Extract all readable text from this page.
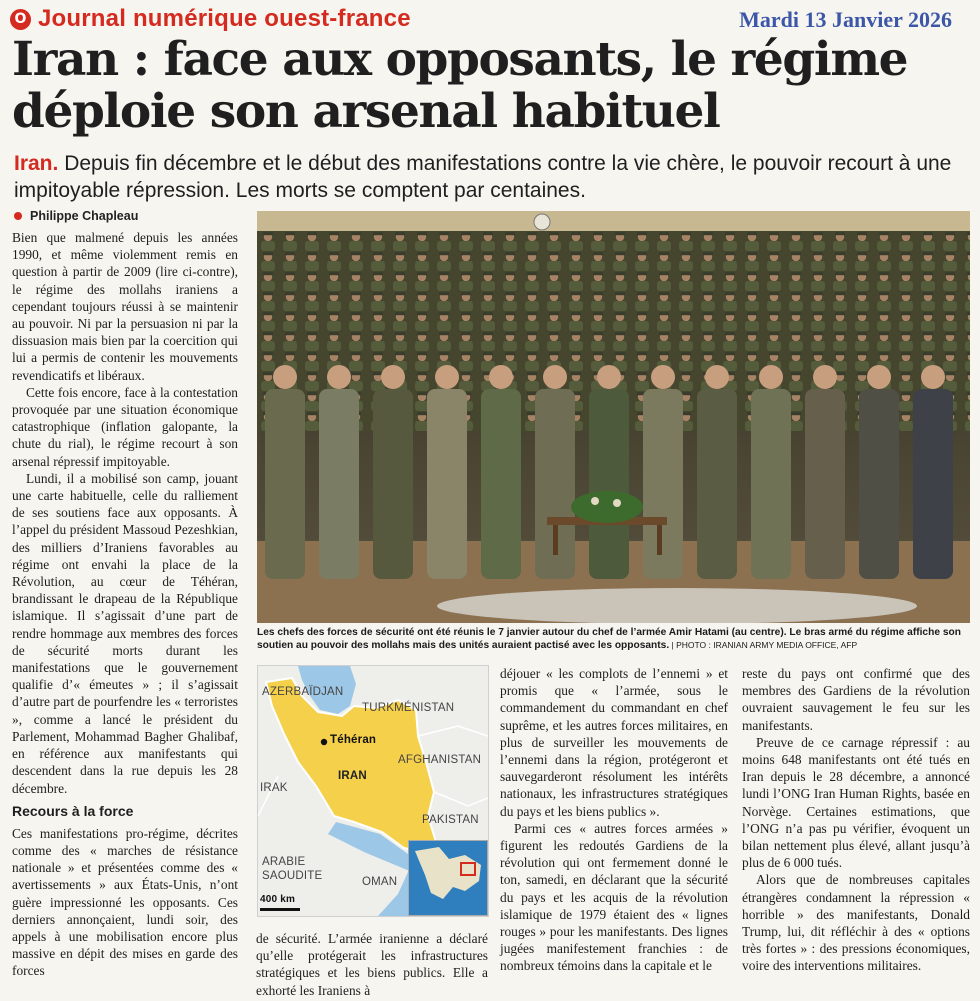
O Journal numérique ouest-france	Mardi 13 Janvier 2026
Iran : face aux opposants, le régime déploie son arsenal habituel
Iran. Depuis fin décembre et le début des manifestations contre la vie chère, le pouvoir recourt à une impitoyable répression. Les morts se comptent par centaines.
Philippe Chapleau

Bien que malmené depuis les années 1990, et même violemment remis en question à partir de 2009 (lire ci-contre), le régime des mollahs iraniens a cependant toujours réussi à se maintenir au pouvoir. Ni par la persuasion ni par la dissuasion mais bien par la coercition qui lui a permis de contenir les mouvements revendicatifs et libéraux.

Cette fois encore, face à la contestation provoquée par une situation économique catastrophique (inflation galopante, la chute du rial), le régime recourt à son arsenal répressif impitoyable.

Lundi, il a mobilisé son camp, jouant une carte habituelle, celle du ralliement de ses soutiens face aux opposants. À l’appel du président Massoud Pezeshkian, des milliers d’Iraniens favorables au régime ont envahi la place de la Révolution, au cœur de Téhéran, brandissant le drapeau de la République islamique. Il s’agissait d’une part de rendre hommage aux membres des forces de sécurité morts durant les manifestations que le gouvernement qualifie d’« émeutes » ; il s’agissait d’autre part de pourfendre les « terroristes », comme a lancé le président du Parlement, Mohammad Bagher Ghalibaf, en référence aux manifestants qui descendent dans la rue depuis les 28 décembre.

Recours à la force

Ces manifestations pro-régime, décrites comme des « marches de résistance nationale » et présentées comme des « avertissements » aux États-Unis, n’ont guère impressionné les opposants. Ces derniers annonçaient, lundi soir, des appels à une mobilisation encore plus massive en dépit des mises en garde des forces

Les chefs des forces de sécurité ont été réunis le 7 janvier autour du chef de l’armée Amir Hatami (au centre). Le bras armé du régime affiche son soutien au pouvoir des mollahs mais des unités auraient pactisé avec les opposants. | PHOTO : IRANIAN ARMY MEDIA OFFICE, AFP
AZERBAÏDJAN
TURKMÉNISTAN
Téhéran
IRAN
AFGHANISTAN
IRAK
PAKISTAN
ARABIE
SAOUDITE	OMAN
400 km

de sécurité. L’armée iranienne a déclaré qu’elle protégerait les infrastructures stratégiques et les biens publics. Elle a exhorté les Iraniens à

déjouer « les complots de l’ennemi » et promis que « l’armée, sous le commandement du commandant en chef suprême, et les autres forces militaires, en plus de surveiller les mouvements de l’ennemi dans la région, protégeront et sauvegarderont résolument les intérêts nationaux, les infrastructures stratégiques du pays et les biens publics ».

Parmi ces « autres forces armées » figurent les redoutés Gardiens de la révolution qui ont fermement donné le ton, samedi, en déclarant que la sécurité du pays et les acquis de la révolution islamique de 1979 étaient des « lignes rouges » pour les manifestants. Des lignes jugées manifestement franchies : de nombreux témoins dans la capitale et le

reste du pays ont confirmé que des membres des Gardiens de la révolution ouvraient sauvagement le feu sur les manifestants.

Preuve de ce carnage répressif : au moins 648 manifestants ont été tués en Iran depuis le 28 décembre, a annoncé lundi l’ONG Iran Human Rights, basée en Norvège. Certaines estimations, que l’ONG n’a pas pu vérifier, évoquent un bilan nettement plus élevé, allant jusqu’à plus de 6 000 tués.

Alors que de nombreuses capitales étrangères condamnent la répression « horrible » des manifestants, Donald Trump, lui, dit réfléchir à des « options très fortes » : des pressions économiques, voire des interventions militaires.
